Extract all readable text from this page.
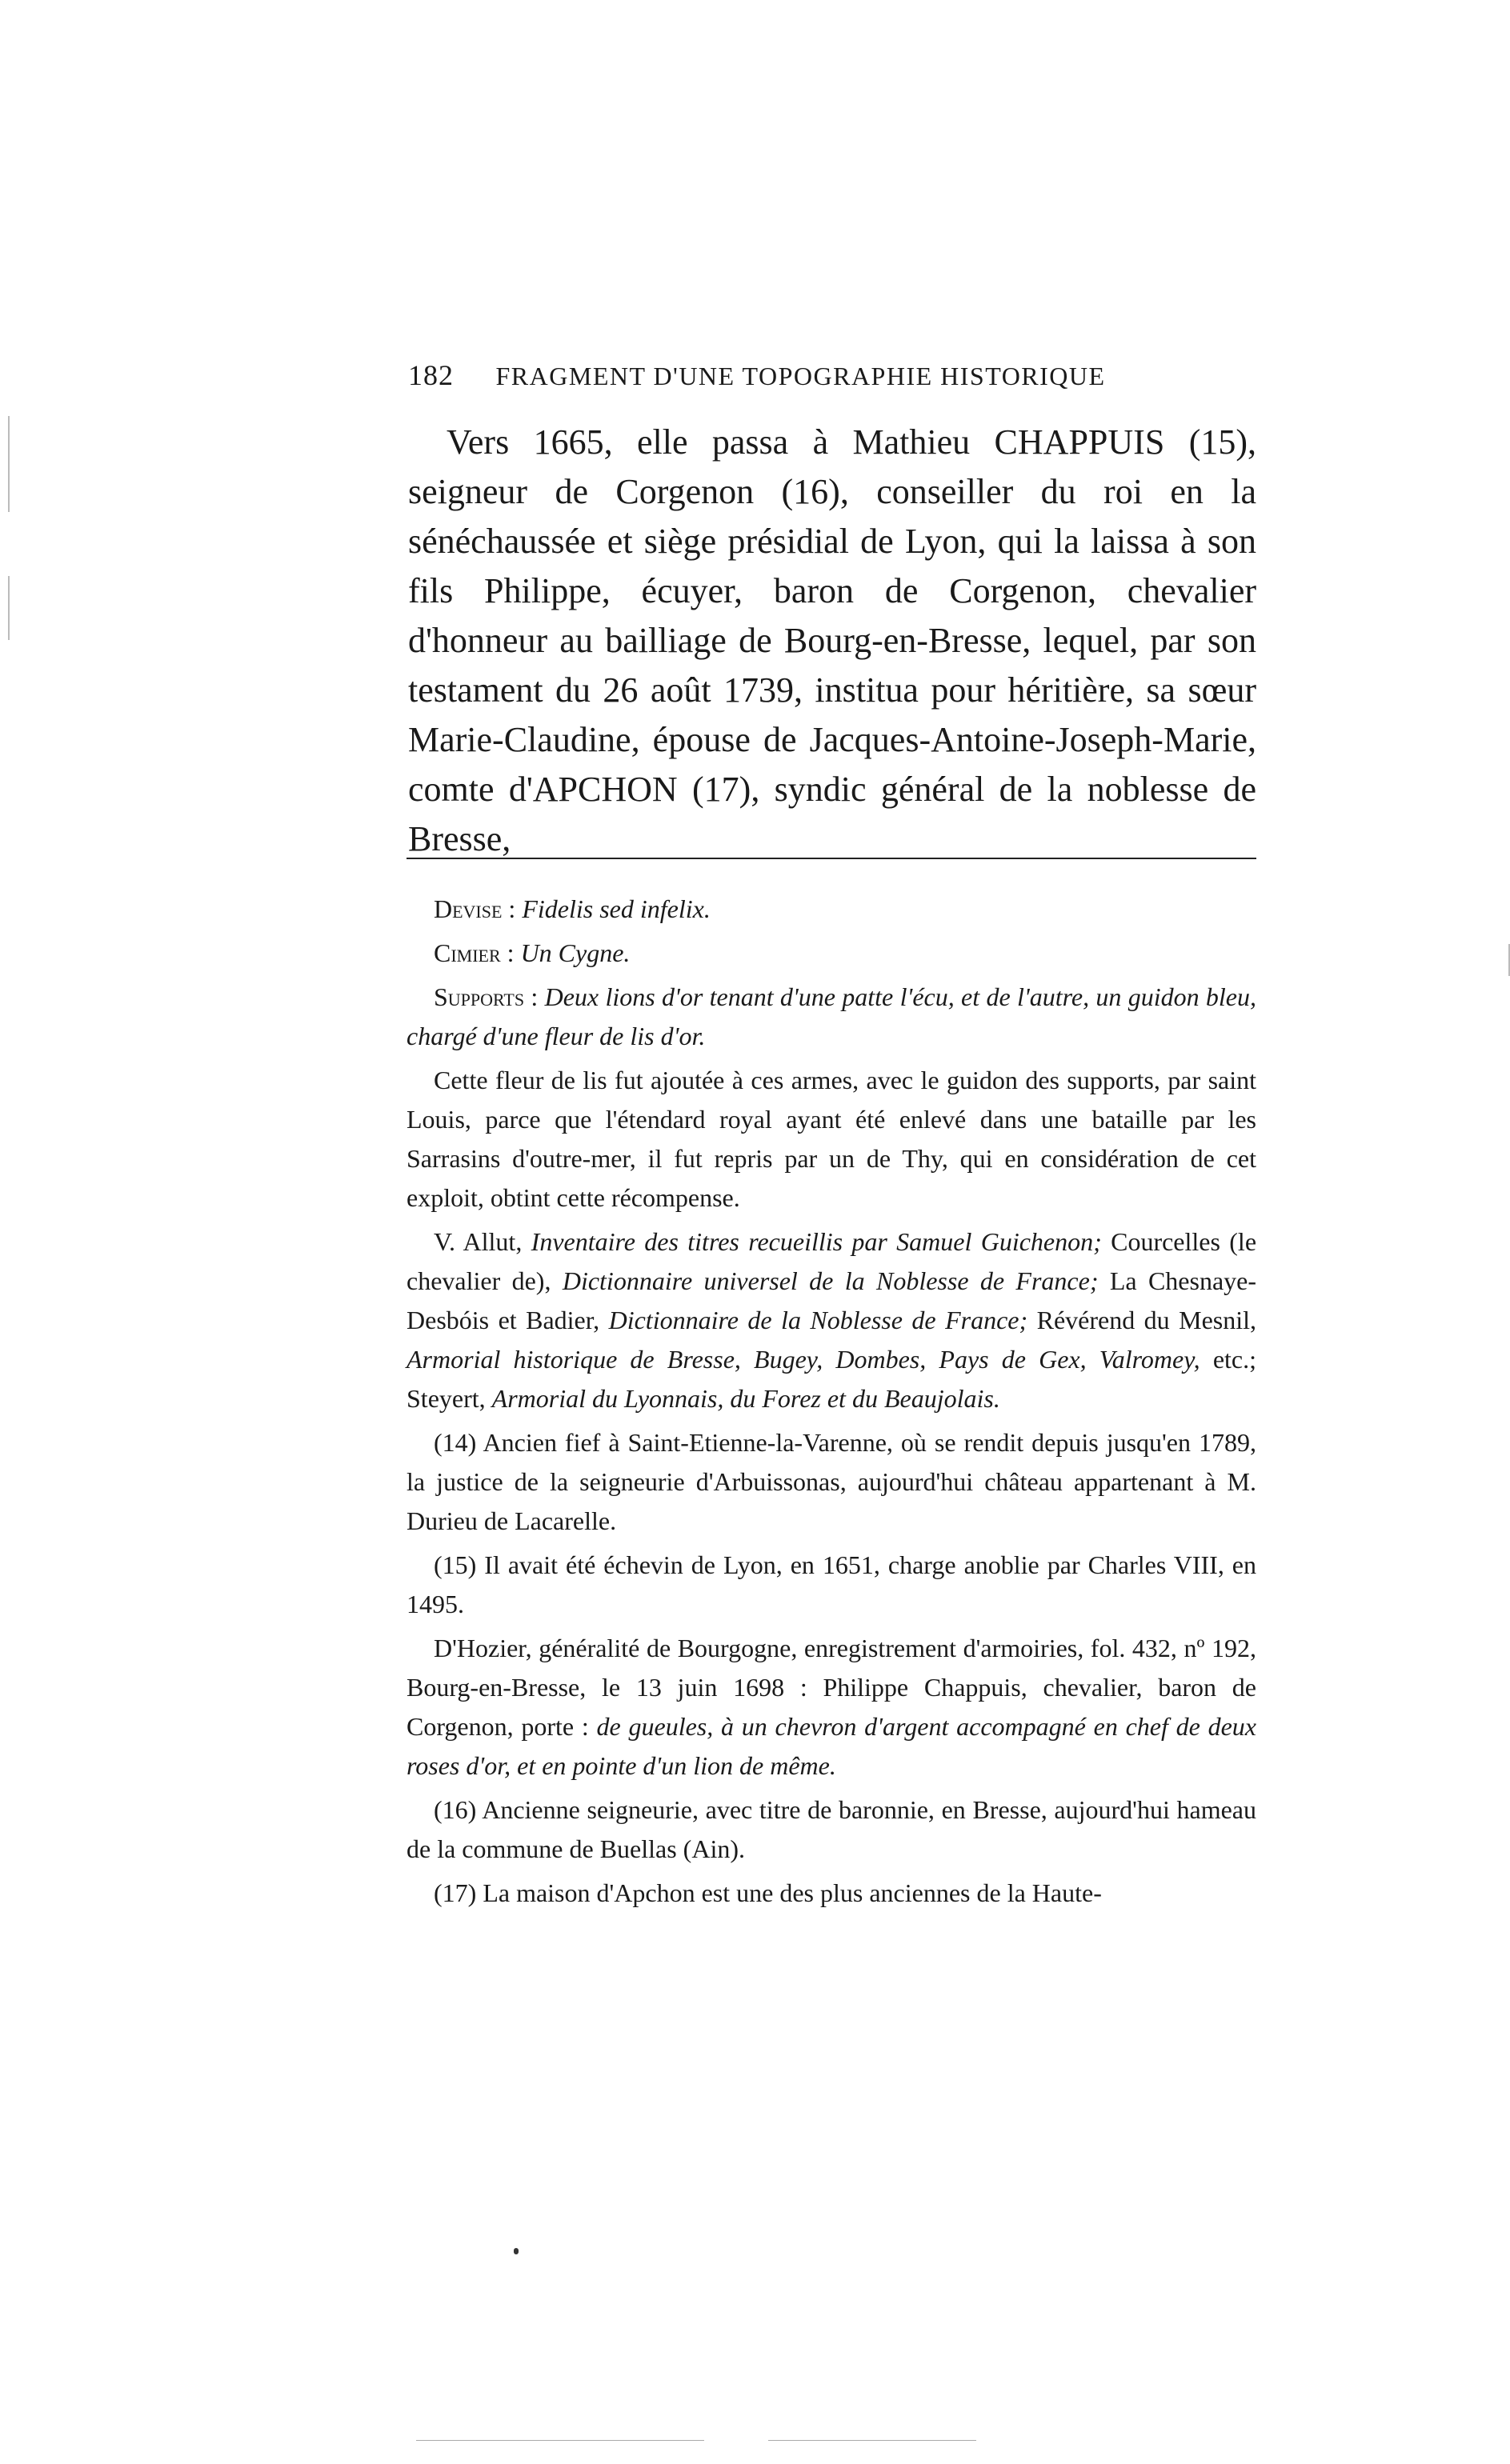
182 FRAGMENT D'UNE TOPOGRAPHIE HISTORIQUE

Vers 1665, elle passa à Mathieu CHAPPUIS (15), seigneur de Corgenon (16), conseiller du roi en la sénéchaussée et siège présidial de Lyon, qui la laissa à son fils Philippe, écuyer, baron de Corgenon, chevalier d'honneur au bailliage de Bourg-en-Bresse, lequel, par son testament du 26 août 1739, institua pour héritière, sa sœur Marie-Claudine, épouse de Jacques-Antoine-Joseph-Marie, comte d'APCHON (17), syndic général de la noblesse de Bresse,

Devise : Fidelis sed infelix.

Cimier : Un Cygne.

Supports : Deux lions d'or tenant d'une patte l'écu, et de l'autre, un guidon bleu, chargé d'une fleur de lis d'or.

Cette fleur de lis fut ajoutée à ces armes, avec le guidon des supports, par saint Louis, parce que l'étendard royal ayant été enlevé dans une bataille par les Sarrasins d'outre-mer, il fut repris par un de Thy, qui en considération de cet exploit, obtint cette récompense.

V. Allut, Inventaire des titres recueillis par Samuel Guichenon; Courcelles (le chevalier de), Dictionnaire universel de la Noblesse de France; La Chesnaye-Desbóis et Badier, Dictionnaire de la Noblesse de France; Révérend du Mesnil, Armorial historique de Bresse, Bugey, Dombes, Pays de Gex, Valromey, etc.; Steyert, Armorial du Lyonnais, du Forez et du Beaujolais.

(14) Ancien fief à Saint-Etienne-la-Varenne, où se rendit depuis jusqu'en 1789, la justice de la seigneurie d'Arbuissonas, aujourd'hui château appartenant à M. Durieu de Lacarelle.

(15) Il avait été échevin de Lyon, en 1651, charge anoblie par Charles VIII, en 1495.

D'Hozier, généralité de Bourgogne, enregistrement d'armoiries, fol. 432, nº 192, Bourg-en-Bresse, le 13 juin 1698 : Philippe Chappuis, chevalier, baron de Corgenon, porte : de gueules, à un chevron d'argent accompagné en chef de deux roses d'or, et en pointe d'un lion de même.

(16) Ancienne seigneurie, avec titre de baronnie, en Bresse, aujourd'hui hameau de la commune de Buellas (Ain).

(17) La maison d'Apchon est une des plus anciennes de la Haute-
